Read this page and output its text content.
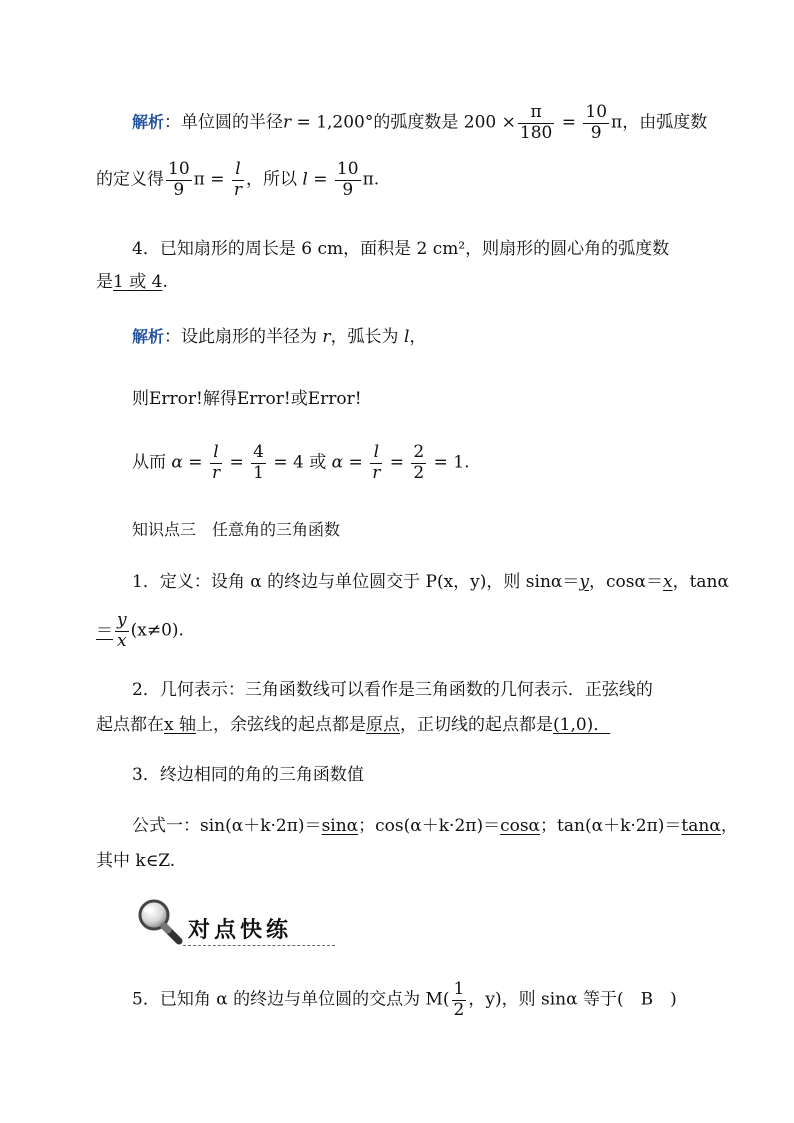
解析：单位圆的半径r = 1,200°的弧度数是 $200 \times \frac{\pi}{180} = \frac{10}{9}$ π，由弧度数
的定义得 $\frac{10}{9}$ $\pi = \frac{l}{r}$ ，所以 $l = \frac{10}{9} \pi$.
4．已知扇形的周长是 6 cm，面积是 2 cm²，则扇形的圆心角的弧度数
是1 或 4.
解析：设此扇形的半径为 r，弧长为 l，
则Error!解得Error!或Error!
从而 $\alpha = \frac{l}{r} = \frac{4}{1} = 4$ 或 $\alpha = \frac{l}{r} = \frac{2}{2} = 1$.
知识点三　任意角的三角函数
1．定义：设角 α 的终边与单位圆交于 P(x，y)，则 sinα＝y，cosα＝x，tanα
＝ $\frac{y}{x} (x\ne 0)$.
2．几何表示：三角函数线可以看作是三角函数的几何表示．正弦线的
起点都在x 轴上，余弦线的起点都是原点，正切线的起点都是(1,0)．
3．终边相同的角的三角函数值
公式一：sin(α＋k·2π)＝sinα；cos(α＋k·2π)＝cosα；tan(α＋k·2π)＝tanα，
其中 k∈Z.
对点快练
5．已知角 α 的终边与单位圆的交点为 $M( \frac{1}{2}$ ，y)，则 sinα 等于(　B　)
